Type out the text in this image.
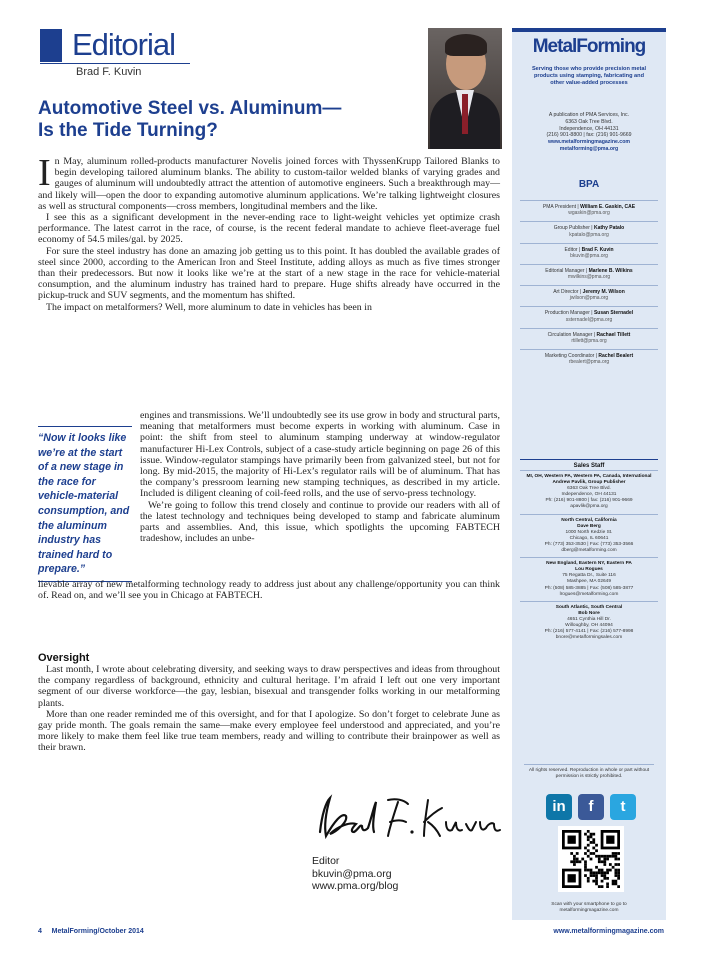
Editorial
Brad F. Kuvin
Automotive Steel vs. Aluminum—
Is the Tide Turning?

In May, aluminum rolled-products manufacturer Novelis joined forces with ThyssenKrupp Tailored Blanks to begin developing tailored aluminum blanks. The ability to custom-tailor welded blanks of varying grades and gauges of aluminum will undoubtedly attract the attention of automotive engineers. Such a breakthrough may—and likely will—open the door to expanding automotive aluminum applications. We’re talking lightweight closures as well as structural components—cross members, longitudinal members and the like.

I see this as a significant development in the never-ending race to light-weight vehicles yet optimize crash performance. The latest carrot in the race, of course, is the recent federal mandate to achieve fleet-average fuel economy of 54.5 miles/gal. by 2025.

For sure the steel industry has done an amazing job getting us to this point. It has doubled the available grades of steel since 2000, according to the American Iron and Steel Institute, adding alloys as much as five times stronger than their predecessors. But now it looks like we’re at the start of a new stage in the race for vehicle-material consumption, and the aluminum industry has trained hard to prepare. Huge shifts already have occurred in the pickup-truck and SUV segments, and the momentum has shifted.

The impact on metalformers? Well, more aluminum to date in vehicles has been in

“Now it looks like we’re at the start of a new stage in the race for vehicle-material consumption, and the aluminum industry has trained hard to prepare.”

engines and transmissions. We’ll undoubtedly see its use grow in body and structural parts, meaning that metalformers must become experts in working with aluminum. Case in point: the shift from steel to aluminum stamping underway at window-regulator manufacturer Hi-Lex Controls, subject of a case-study article beginning on page 26 of this issue. Window-regulator stampings have primarily been from galvanized steel, but not for long. By mid-2015, the majority of Hi-Lex’s regulator rails will be of aluminum. That has the company’s pressroom learning new stamping techniques, as described in my article. Included is diligent cleaning of coil-feed rolls, and the use of servo-press technology.

We’re going to follow this trend closely and continue to provide our readers with all of the latest technology and techniques being developed to stamp and fabricate aluminum parts and assemblies. And, this issue, which spotlights the upcoming FABTECH tradeshow, includes an unbe-

lievable array of new metalforming technology ready to address just about any challenge/opportunity you can think of. Read on, and we’ll see you in Chicago at FABTECH.
Oversight

Last month, I wrote about celebrating diversity, and seeking ways to draw perspectives and ideas from throughout the company regardless of background, ethnicity and cultural heritage. I’m afraid I left out one very important segment of our diverse workforce—the gay, lesbian, bisexual and transgender folks working in our metalforming plants.

More than one reader reminded me of this oversight, and for that I apologize. So don’t forget to celebrate June as gay pride month. The goals remain the same—make every employee feel understood and appreciated, and you’re more likely to make them feel like true team members, ready and willing to contribute their brainpower as well as their brawn.

Editor
bkuvin@pma.org
www.pma.org/blog
4     MetalForming/October 2014	www.metalformingmagazine.com
MetalForming
Serving those who provide precision metal products using stamping, fabricating and other value-added processes
A publication of PMA Services, Inc.
6363 Oak Tree Blvd.
Independence, OH 44131
(216) 901-8800 | fax: (216) 901-9669
www.metalformingmagazine.com
metalforming@pma.org
BPA
PMA President | William E. Gaskin, CAE
wgaskin@pma.org
Group Publisher | Kathy Patalo
kpatalo@pma.org
Editor | Brad F. Kuvin
bkuvin@pma.org
Editorial Manager | Marlene B. Wilkins
mwilkins@pma.org
Art Director | Jeremy M. Wilson
jwilson@pma.org
Production Manager | Susan Sternadel
ssternadel@pma.org
Circulation Manager | Rachael Tillett
rtillett@pma.org
Marketing Coordinator | Rachel Bealert
rbealert@pma.org
Sales Staff
MI, OH, Western PA, Western PA, Canada, International
Andrew Pavlik, Group Publisher
6363 Oak Tree Blvd.
Independence, OH 44131
Ph: (216) 901-8800 | fax: (216) 901-9669
apavlik@pma.org
North Central, California
Dave Berg
1000 North Kedzie St.
Chicago, IL 60641
Ph: (773) 353-3530 | Fax: (773) 353-3566
dberg@metalforming.com
New England, Eastern NY, Eastern PA
Lou Rogues
75 Regatta Dr., Suite 116
Mashpee, MA 02649
Ph: (508) 585-3885 | Fax: (508) 585-3877
lrogues@metalforming.com
South Atlantic, South Central
Bob Nore
4651 Cynthia Hill Dr.
Willoughby, OH 44094
Ph: (216) 577-4141 | Fax: (216) 577-8998
bnore@metalformingsales.com
All rights reserved. Reproduction in whole or part without permission is strictly prohibited.
in	f	t
Scan with your smartphone to go to metalformingmagazine.com
